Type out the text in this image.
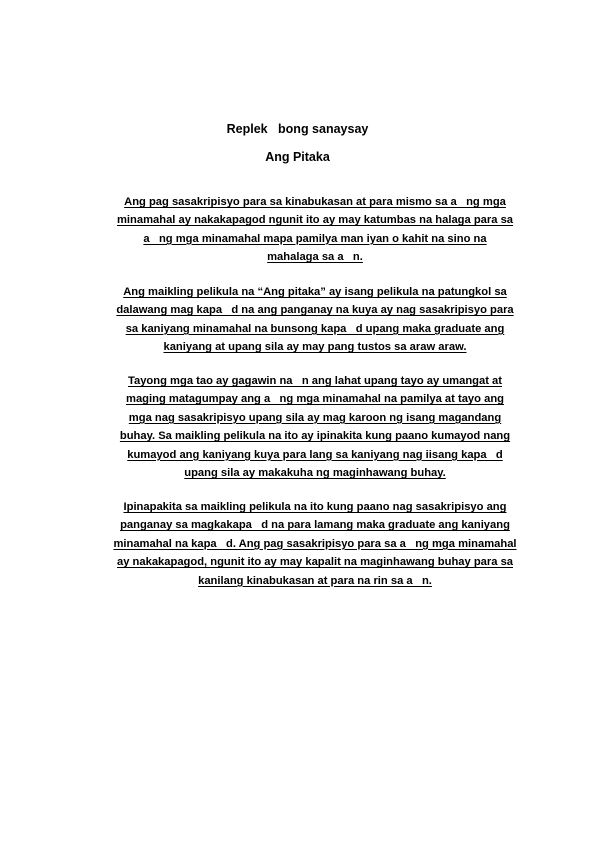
Replek   bong sanaysay
Ang Pitaka
Ang pag sasakripisyo para sa kinabukasan at para mismo sa a   ng mga
minamahal ay nakakapagod ngunit ito ay may katumbas na halaga para sa
a   ng mga minamahal mapa pamilya man iyan o kahit na sino na
mahalaga sa a   n.
Ang maikling pelikula na “Ang pitaka” ay isang pelikula na patungkol sa
dalawang mag kapa   d na ang panganay na kuya ay nag sasakripisyo para
sa kaniyang minamahal na bunsong kapa   d upang maka graduate ang
kaniyang at upang sila ay may pang tustos sa araw araw.
Tayong mga tao ay gagawin na   n ang lahat upang tayo ay umangat at
maging matagumpay ang a   ng mga minamahal na pamilya at tayo ang
mga nag sasakripisyo upang sila ay mag karoon ng isang magandang
buhay. Sa maikling pelikula na ito ay ipinakita kung paano kumayod nang
kumayod ang kaniyang kuya para lang sa kaniyang nag iisang kapa   d
upang sila ay makakuha ng maginhawang buhay.
Ipinapakita sa maikling pelikula na ito kung paano nag sasakripisyo ang
panganay sa magkakapa   d na para lamang maka graduate ang kaniyang
minamahal na kapa   d. Ang pag sasakripisyo para sa a   ng mga minamahal
ay nakakapagod, ngunit ito ay may kapalit na maginhawang buhay para sa
kanilang kinabukasan at para na rin sa a   n.
